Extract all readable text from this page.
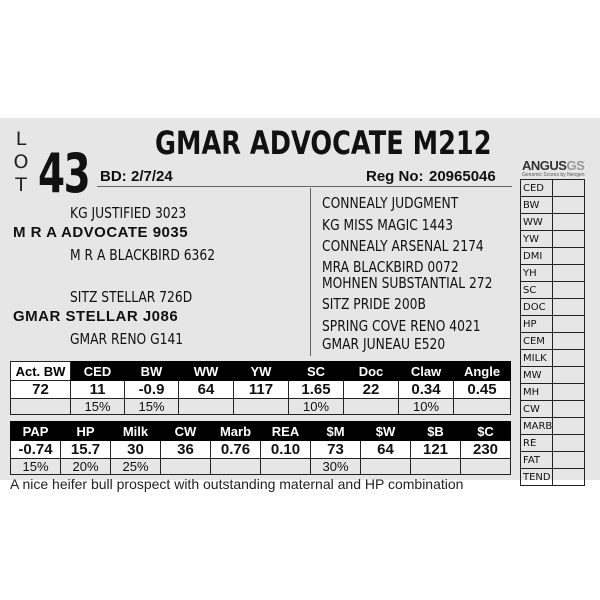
L
O
T 43 GMAR ADVOCATE M212
BD: 2/7/24	Reg No: 20965046
ANGUSGS
Genomic Scores by Neogen
KG JUSTIFIED 3023
M R A ADVOCATE 9035
M R A BLACKBIRD 6362
SITZ STELLAR 726D
GMAR STELLAR J086
GMAR RENO G141
CONNEALY JUDGMENT
KG MISS MAGIC 1443
CONNEALY ARSENAL 2174
MRA BLACKBIRD 0072
MOHNEN SUBSTANTIAL 272
SITZ PRIDE 200B
SPRING COVE RENO 4021
GMAR JUNEAU E520
CED	
BW	
WW	
YW	
DMI	
YH	
SC	
DOC	
HP	
CEM	
MILK	
MW	
MH	
CW	
MARB	
RE	
FAT	
TEND	
Act. BW	CED	BW	WW	YW	SC	Doc	Claw	Angle
72	11	-0.9	64	117	1.65	22	0.34	0.45
	15%	15%			10%		10%	
PAP	HP	Milk	CW	Marb	REA	$M	$W	$B	$C
-0.74	15.7	30	36	0.76	0.10	73	64	121	230
15%	20%	25%				30%			
A nice heifer bull prospect with outstanding maternal and HP combination
